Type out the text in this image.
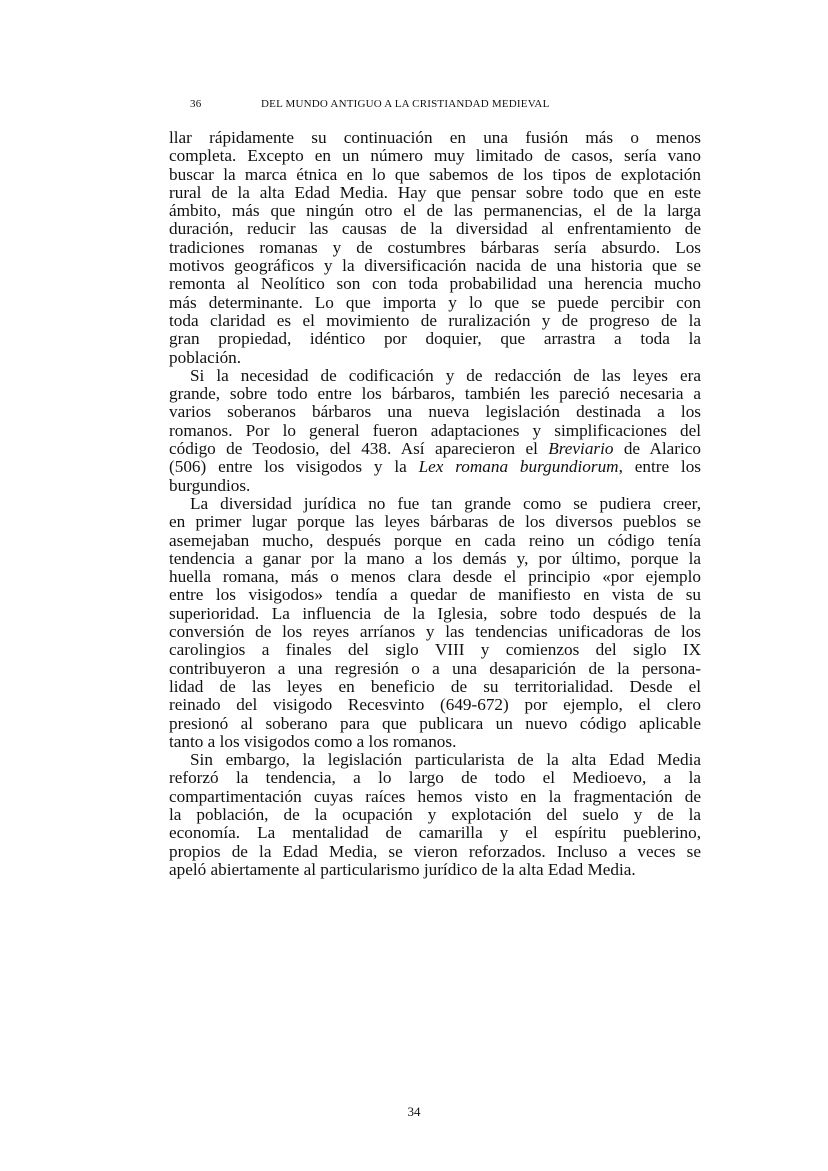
36	DEL MUNDO ANTIGUO A LA CRISTIANDAD MEDIEVAL
llar rápidamente su continuación en una fusión más o menos
completa. Excepto en un número muy limitado de casos, sería vano
buscar la marca étnica en lo que sabemos de los tipos de explotación
rural de la alta Edad Media. Hay que pensar sobre todo que en este
ámbito, más que ningún otro el de las permanencias, el de la larga
duración, reducir las causas de la diversidad al enfrentamiento de
tradiciones romanas y de costumbres bárbaras sería absurdo. Los
motivos geográficos y la diversificación nacida de una historia que se
remonta al Neolítico son con toda probabilidad una herencia mucho
más determinante. Lo que importa y lo que se puede percibir con
toda claridad es el movimiento de ruralización y de progreso de la
gran propiedad, idéntico por doquier, que arrastra a toda la
población.
Si la necesidad de codificación y de redacción de las leyes era
grande, sobre todo entre los bárbaros, también les pareció necesaria a
varios soberanos bárbaros una nueva legislación destinada a los
romanos. Por lo general fueron adaptaciones y simplificaciones del
código de Teodosio, del 438. Así aparecieron el Breviario de Alarico
(506) entre los visigodos y la Lex romana burgundiorum, entre los
burgundios.
La diversidad jurídica no fue tan grande como se pudiera creer,
en primer lugar porque las leyes bárbaras de los diversos pueblos se
asemejaban mucho, después porque en cada reino un código tenía
tendencia a ganar por la mano a los demás y, por último, porque la
huella romana, más o menos clara desde el principio «por ejemplo
entre los visigodos» tendía a quedar de manifiesto en vista de su
superioridad. La influencia de la Iglesia, sobre todo después de la
conversión de los reyes arríanos y las tendencias unificadoras de los
carolingios a finales del siglo VIII y comienzos del siglo IX
contribuyeron a una regresión o a una desaparición de la persona-
lidad de las leyes en beneficio de su territorialidad. Desde el
reinado del visigodo Recesvinto (649-672) por ejemplo, el clero
presionó al soberano para que publicara un nuevo código aplicable
tanto a los visigodos como a los romanos.
Sin embargo, la legislación particularista de la alta Edad Media
reforzó la tendencia, a lo largo de todo el Medioevo, a la
compartimentación cuyas raíces hemos visto en la fragmentación de
la población, de la ocupación y explotación del suelo y de la
economía. La mentalidad de camarilla y el espíritu pueblerino,
propios de la Edad Media, se vieron reforzados. Incluso a veces se
apeló abiertamente al particularismo jurídico de la alta Edad Media.
34
